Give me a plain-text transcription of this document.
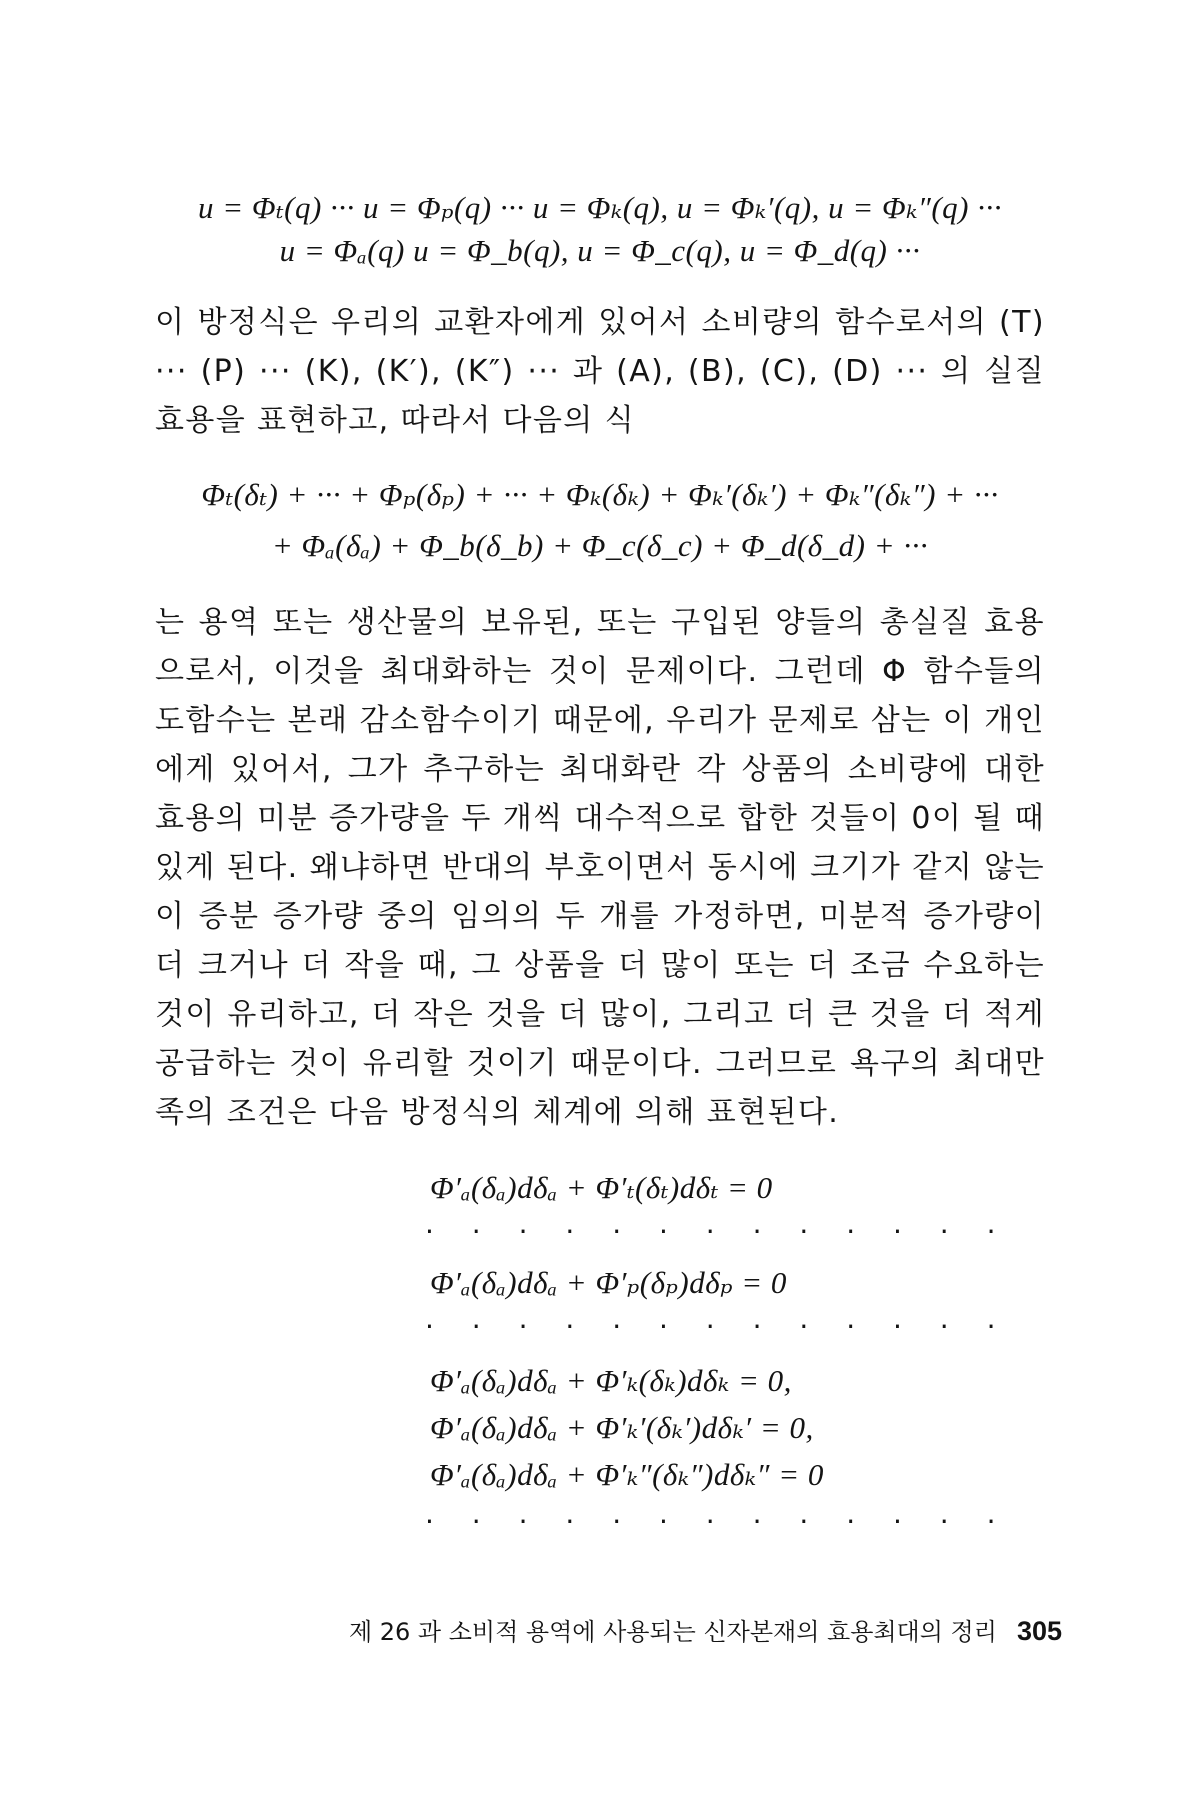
u = Φₜ(q) ··· u = Φₚ(q) ··· u = Φₖ(q), u = Φₖ′(q), u = Φₖ″(q) ···
u = Φₐ(q) u = Φ_b(q), u = Φ_c(q), u = Φ_d(q) ···

이 방정식은 우리의 교환자에게 있어서 소비량의 함수로서의 (T) ··· (P) ··· (K), (K′), (K″) ··· 과 (A), (B), (C), (D) ··· 의 실질 효용을 표현하고, 따라서 다음의 식

Φₜ(δₜ) + ··· + Φₚ(δₚ) + ··· + Φₖ(δₖ) + Φₖ′(δₖ′) + Φₖ″(δₖ″) + ···
+ Φₐ(δₐ) + Φ_b(δ_b) + Φ_c(δ_c) + Φ_d(δ_d) + ···

는 용역 또는 생산물의 보유된, 또는 구입된 양들의 총실질 효용으로서, 이것을 최대화하는 것이 문제이다. 그런데 Φ 함수들의 도함수는 본래 감소함수이기 때문에, 우리가 문제로 삼는 이 개인에게 있어서, 그가 추구하는 최대화란 각 상품의 소비량에 대한 효용의 미분 증가량을 두 개씩 대수적으로 합한 것들이 0이 될 때 있게 된다. 왜냐하면 반대의 부호이면서 동시에 크기가 같지 않는 이 증분 증가량 중의 임의의 두 개를 가정하면, 미분적 증가량이 더 크거나 더 작을 때, 그 상품을 더 많이 또는 더 조금 수요하는 것이 유리하고, 더 작은 것을 더 많이, 그리고 더 큰 것을 더 적게 공급하는 것이 유리할 것이기 때문이다. 그러므로 욕구의 최대만족의 조건은 다음 방정식의 체계에 의해 표현된다.

Φ′ₐ(δₐ)dδₐ + Φ′ₜ(δₜ)dδₜ = 0
· · · · · · · · · · · · ·
Φ′ₐ(δₐ)dδₐ + Φ′ₚ(δₚ)dδₚ = 0
· · · · · · · · · · · · ·
Φ′ₐ(δₐ)dδₐ + Φ′ₖ(δₖ)dδₖ = 0,
Φ′ₐ(δₐ)dδₐ + Φ′ₖ′(δₖ′)dδₖ′ = 0,
Φ′ₐ(δₐ)dδₐ + Φ′ₖ″(δₖ″)dδₖ″ = 0
· · · · · · · · · · · · ·
제 26 과 소비적 용역에 사용되는 신자본재의 효용최대의 정리 305
